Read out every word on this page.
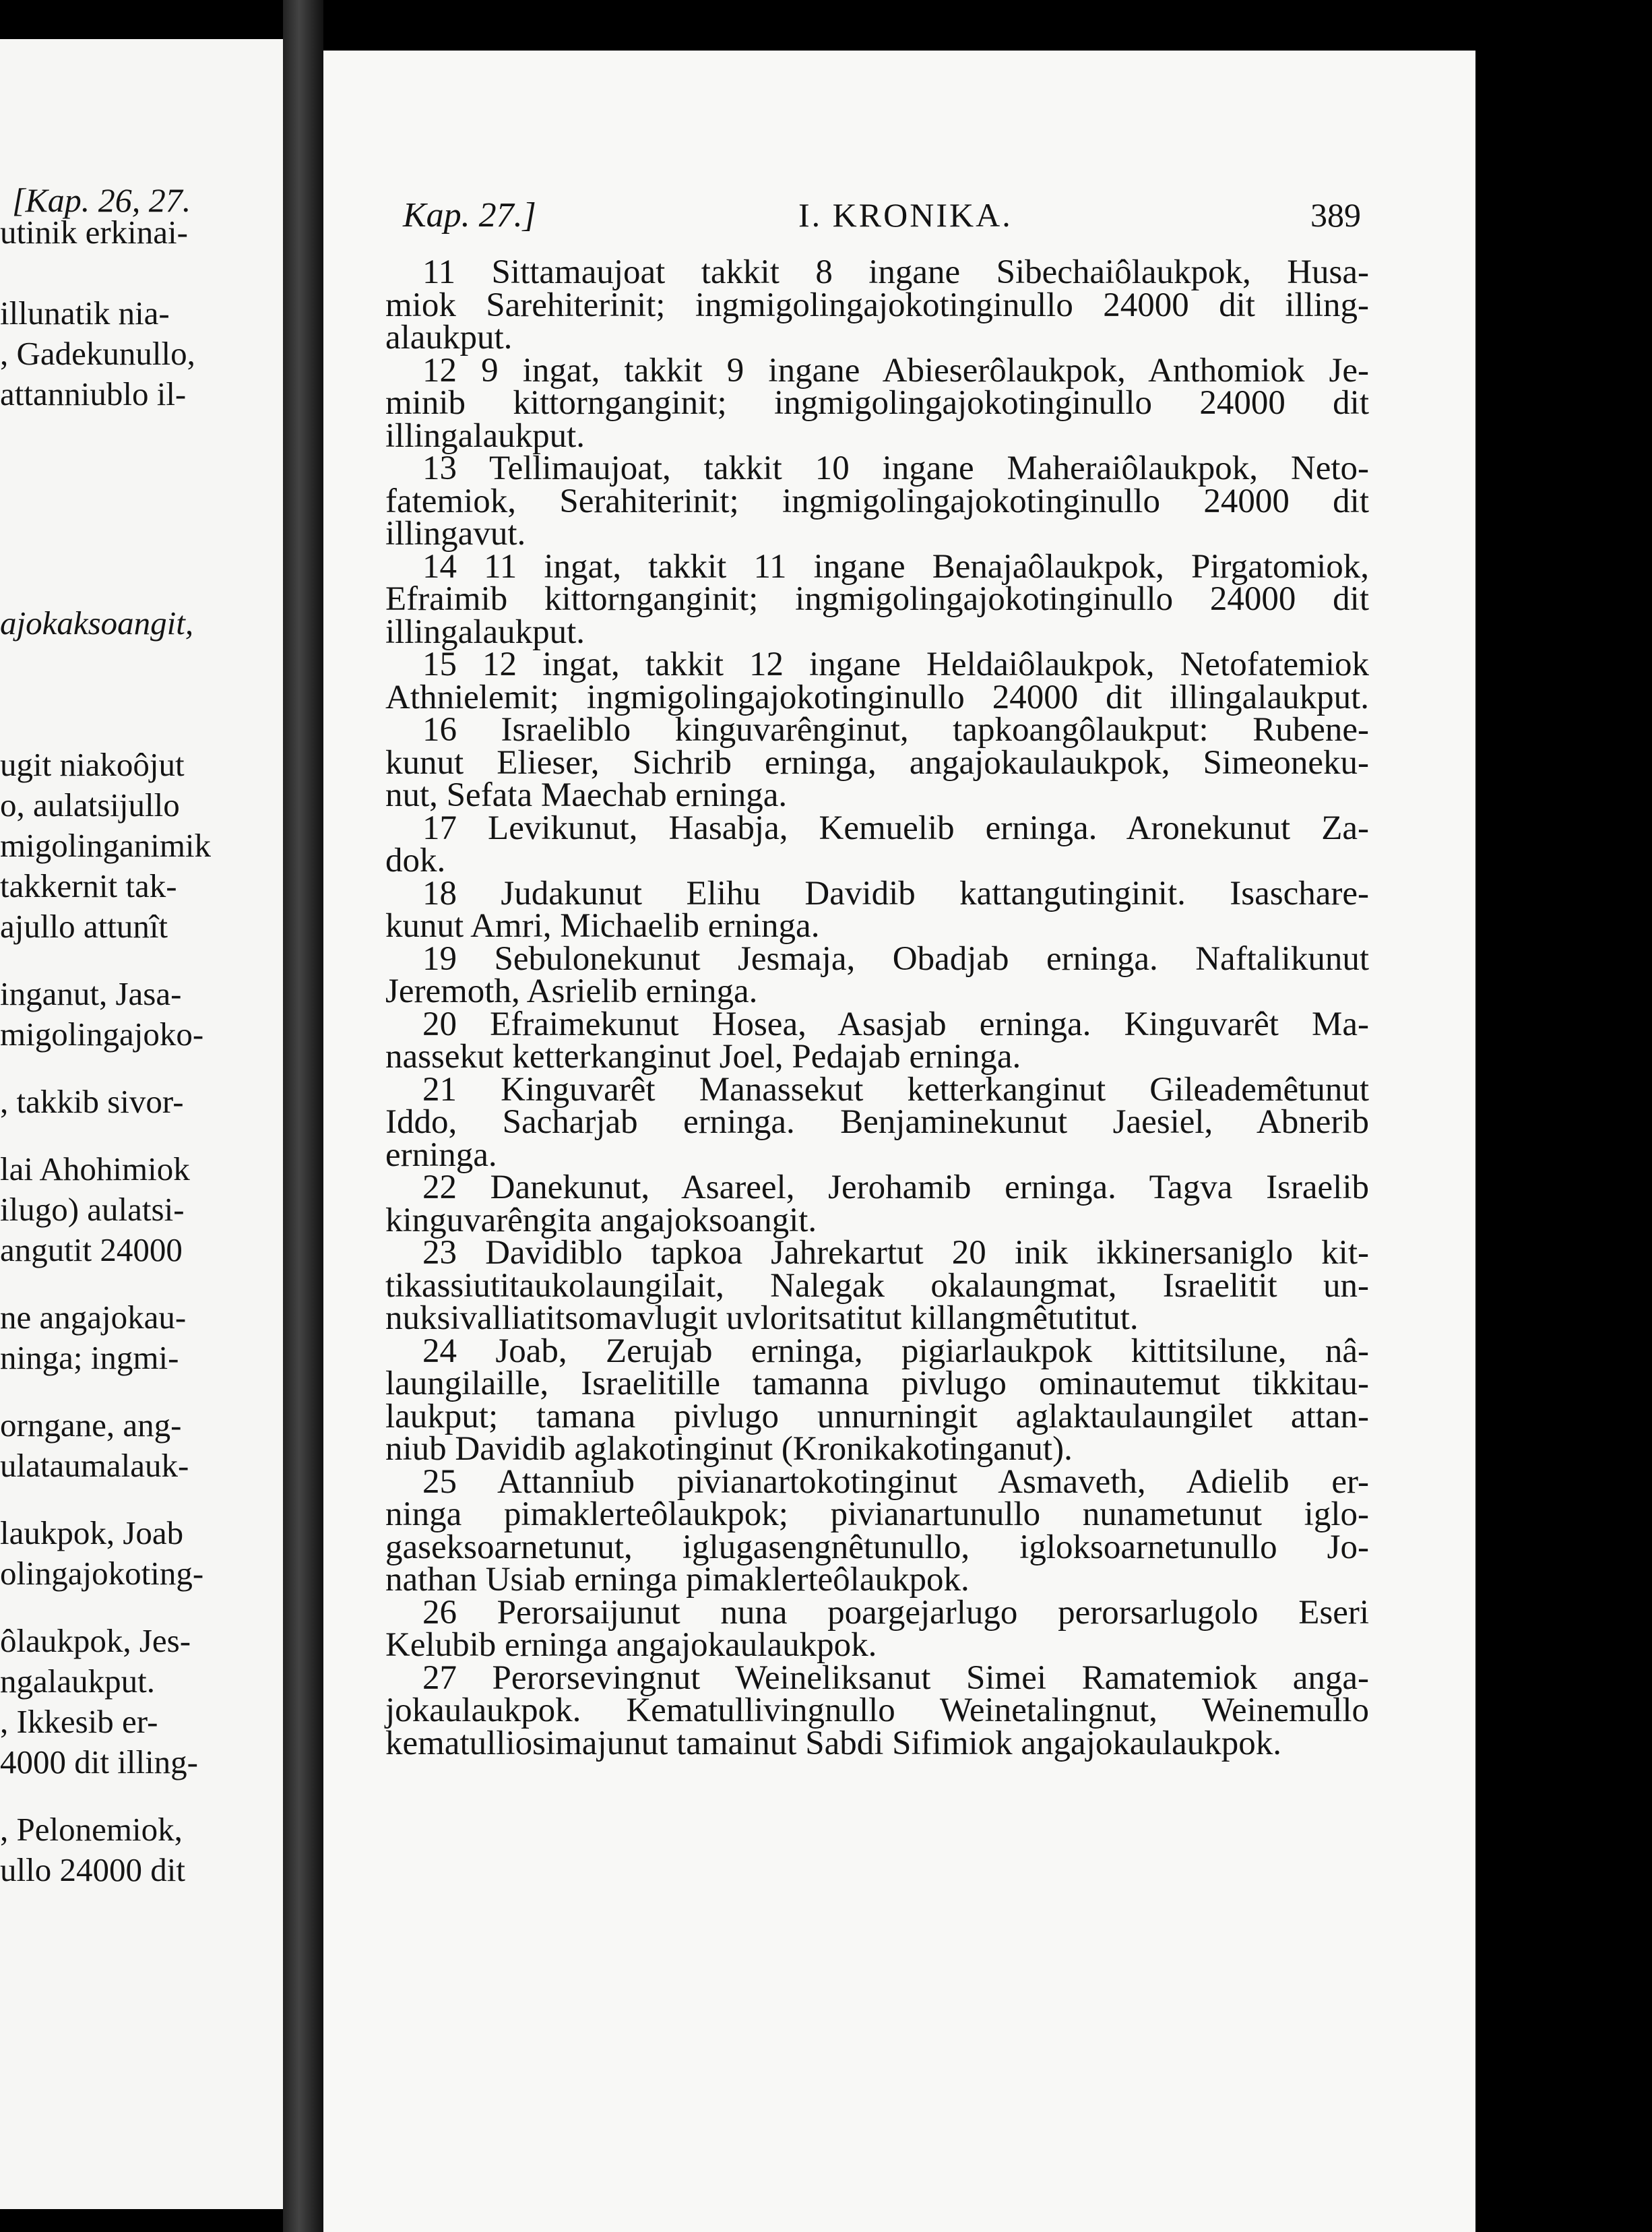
[Kap. 26, 27.
utinik erkinai-
illunatik nia-
, Gadekunullo,
attanniublo il-
ajokaksoangit,
ugit niakoôjut
o, aulatsijullo
migolinganimik
takkernit tak-
ajullo attunît
inganut, Jasa-
migolingajoko-
, takkib sivor-
lai Ahohimiok
ilugo) aulatsi-
angutit 24000
ne angajokau-
ninga; ingmi-
orngane, ang-
ulataumalauk-
laukpok, Joab
olingajokoting-
ôlaukpok, Jes-
ngalaukput.
, Ikkesib er-
4000 dit illing-
, Pelonemiok,
ullo 24000 dit
Kap. 27.]	I. KRONIKA.	389
11 Sittamaujoat takkit 8 ingane Sibechaiôlaukpok, Husa-
miok Sarehiterinit; ingmigolingajokotinginullo 24000 dit illing-
alaukput.
12 9 ingat, takkit 9 ingane Abieserôlaukpok, Anthomiok Je-
minib kittornganginit; ingmigolingajokotinginullo 24000 dit
illingalaukput.
13 Tellimaujoat, takkit 10 ingane Maheraiôlaukpok, Neto-
fatemiok, Serahiterinit; ingmigolingajokotinginullo 24000 dit
illingavut.
14 11 ingat, takkit 11 ingane Benajaôlaukpok, Pirgatomiok,
Efraimib kittornganginit; ingmigolingajokotinginullo 24000 dit
illingalaukput.
15 12 ingat, takkit 12 ingane Heldaiôlaukpok, Netofatemiok
Athnielemit; ingmigolingajokotinginullo 24000 dit illingalaukput.
16 Israeliblo kinguvarênginut, tapkoangôlaukput: Rubene-
kunut Elieser, Sichrib erninga, angajokaulaukpok, Simeoneku-
nut, Sefata Maechab erninga.
17 Levikunut, Hasabja, Kemuelib erninga. Aronekunut Za-
dok.
18 Judakunut Elihu Davidib kattangutinginit. Isaschare-
kunut Amri, Michaelib erninga.
19 Sebulonekunut Jesmaja, Obadjab erninga. Naftalikunut
Jeremoth, Asrielib erninga.
20 Efraimekunut Hosea, Asasjab erninga. Kinguvarêt Ma-
nassekut ketterkanginut Joel, Pedajab erninga.
21 Kinguvarêt Manassekut ketterkanginut Gileademêtunut
Iddo, Sacharjab erninga. Benjaminekunut Jaesiel, Abnerib
erninga.
22 Danekunut, Asareel, Jerohamib erninga. Tagva Israelib
kinguvarêngita angajoksoangit.
23 Davidiblo tapkoa Jahrekartut 20 inik ikkinersaniglo kit-
tikassiutitaukolaungilait, Nalegak okalaungmat, Israelitit un-
nuksivalliatitsomavlugit uvloritsatitut killangmêtutitut.
24 Joab, Zerujab erninga, pigiarlaukpok kittitsilune, nâ-
laungilaille, Israelitille tamanna pivlugo ominautemut tikkitau-
laukput; tamana pivlugo unnurningit aglaktaulaungilet attan-
niub Davidib aglakotinginut (Kronikakotinganut).
25 Attanniub pivianartokotinginut Asmaveth, Adielib er-
ninga pimaklerteôlaukpok; pivianartunullo nunametunut iglo-
gaseksoarnetunut, iglugasengnêtunullo, igloksoarnetunullo Jo-
nathan Usiab erninga pimaklerteôlaukpok.
26 Perorsaijunut nuna poargejarlugo perorsarlugolo Eseri
Kelubib erninga angajokaulaukpok.
27 Perorsevingnut Weineliksanut Simei Ramatemiok anga-
jokaulaukpok. Kematullivingnullo Weinetalingnut, Weinemullo
kematulliosimajunut tamainut Sabdi Sifimiok angajokaulaukpok.
